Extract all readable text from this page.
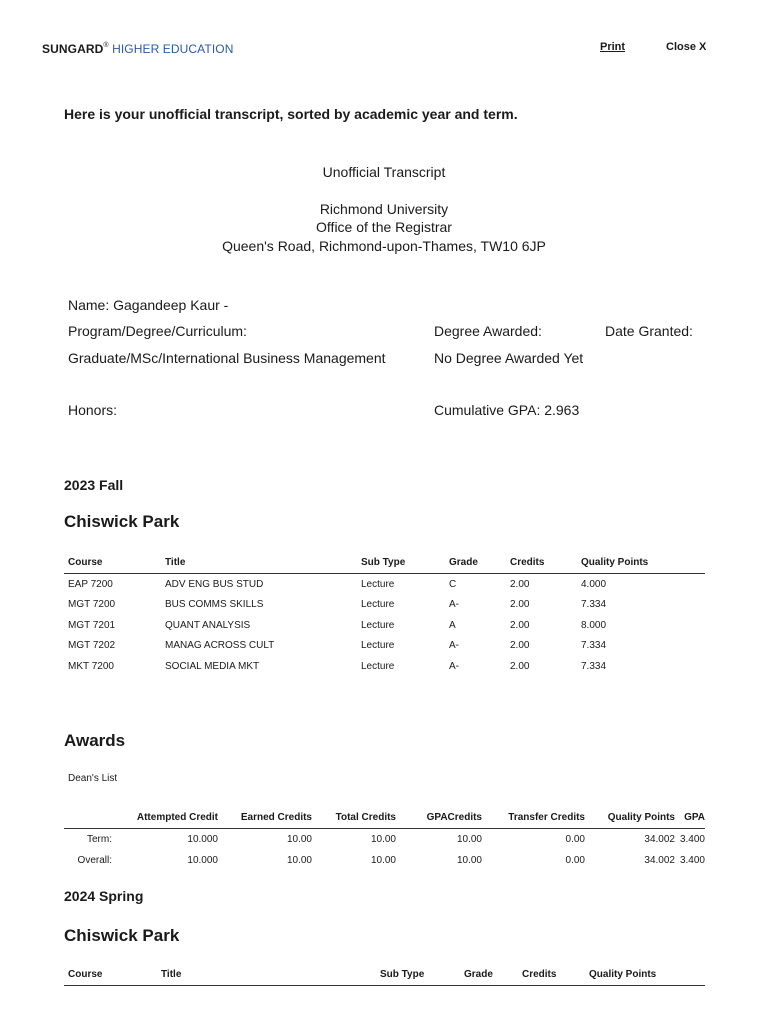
SUNGARD® HIGHER EDUCATION	Print	Close X
Here is your unofficial transcript, sorted by academic year and term.
Unofficial Transcript
Richmond University
Office of the Registrar
Queen's Road, Richmond-upon-Thames, TW10 6JP
Name: Gagandeep Kaur -
Program/Degree/Curriculum:	Degree Awarded:	Date Granted:
Graduate/MSc/International Business Management	No Degree Awarded Yet
Honors:	Cumulative GPA: 2.963
2023 Fall
Chiswick Park
Course	Title	Sub Type	Grade	Credits	Quality Points
EAP 7200	ADV ENG BUS STUD	Lecture	C	2.00	4.000
MGT 7200	BUS COMMS SKILLS	Lecture	A-	2.00	7.334
MGT 7201	QUANT ANALYSIS	Lecture	A	2.00	8.000
MGT 7202	MANAG ACROSS CULT	Lecture	A-	2.00	7.334
MKT 7200	SOCIAL MEDIA MKT	Lecture	A-	2.00	7.334
Awards
Dean's List
	Attempted Credit	Earned Credits	Total Credits	GPACredits	Transfer Credits	Quality Points	GPA
Term:	10.000	10.00	10.00	10.00	0.00	34.002	3.400
Overall:	10.000	10.00	10.00	10.00	0.00	34.002	3.400
2024 Spring
Chiswick Park
Course	Title	Sub Type	Grade	Credits	Quality Points
